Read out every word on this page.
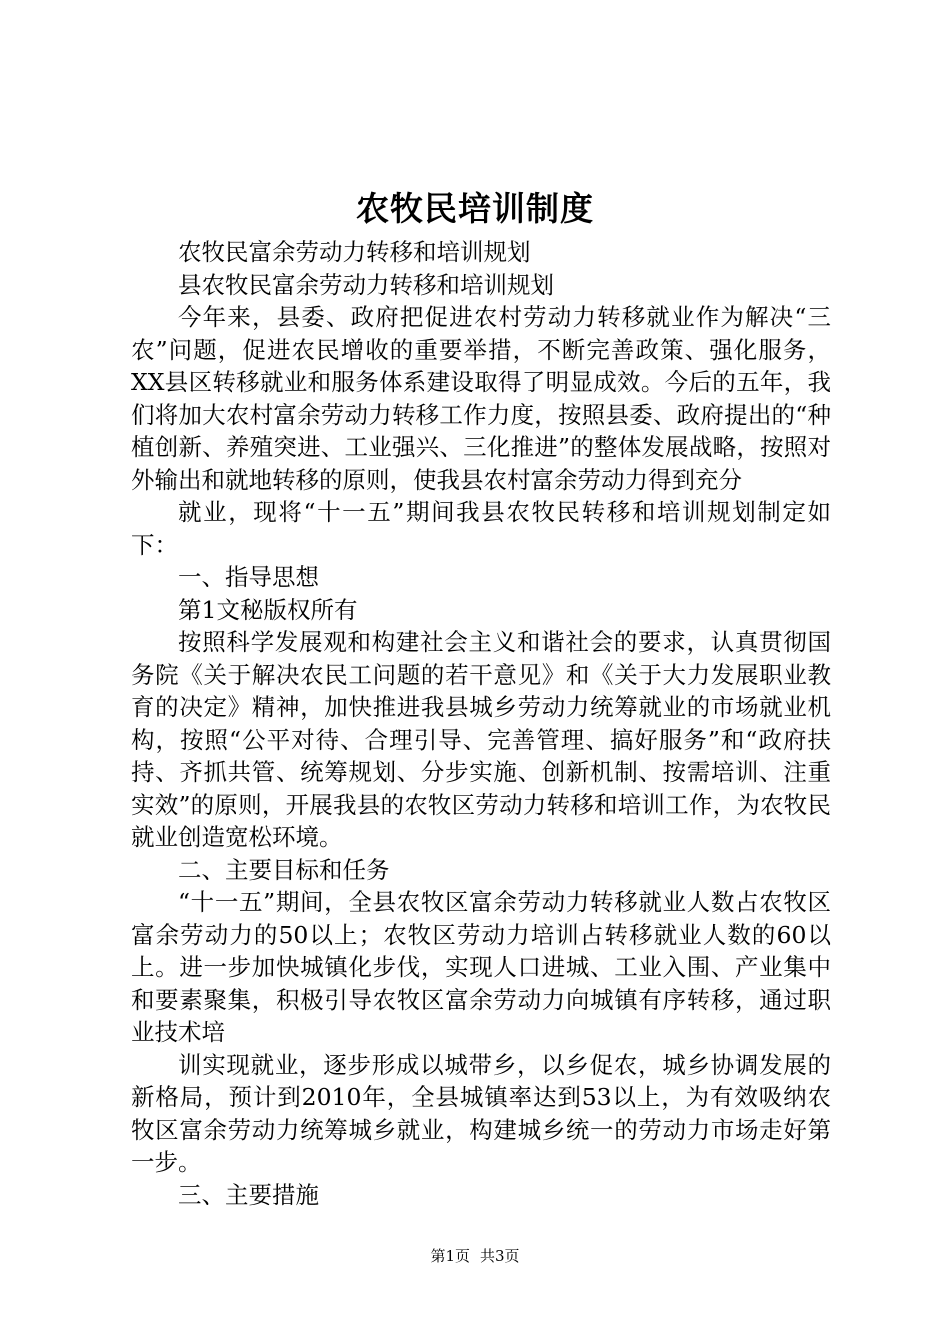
农牧民培训制度

农牧民富余劳动力转移和培训规划

县农牧民富余劳动力转移和培训规划

今年来，县委、政府把促进农村劳动力转移就业作为解决“三农”问题，促进农民增收的重要举措，不断完善政策、强化服务，XX县区转移就业和服务体系建设取得了明显成效。今后的五年，我们将加大农村富余劳动力转移工作力度，按照县委、政府提出的“种植创新、养殖突进、工业强兴、三化推进”的整体发展战略，按照对外输出和就地转移的原则，使我县农村富余劳动力得到充分

就业，现将“十一五”期间我县农牧民转移和培训规划制定如下：

一、指导思想

第1文秘版权所有

按照科学发展观和构建社会主义和谐社会的要求，认真贯彻国务院《关于解决农民工问题的若干意见》和《关于大力发展职业教育的决定》精神，加快推进我县城乡劳动力统筹就业的市场就业机构，按照“公平对待、合理引导、完善管理、搞好服务”和“政府扶持、齐抓共管、统筹规划、分步实施、创新机制、按需培训、注重实效”的原则，开展我县的农牧区劳动力转移和培训工作，为农牧民就业创造宽松环境。

二、主要目标和任务

“十一五”期间，全县农牧区富余劳动力转移就业人数占农牧区富余劳动力的50以上；农牧区劳动力培训占转移就业人数的60以上。进一步加快城镇化步伐，实现人口进城、工业入围、产业集中和要素聚集，积极引导农牧区富余劳动力向城镇有序转移，通过职业技术培

训实现就业，逐步形成以城带乡，以乡促农，城乡协调发展的新格局，预计到2010年，全县城镇率达到53以上，为有效吸纳农牧区富余劳动力统筹城乡就业，构建城乡统一的劳动力市场走好第一步。

三、主要措施

第1页 共3页
